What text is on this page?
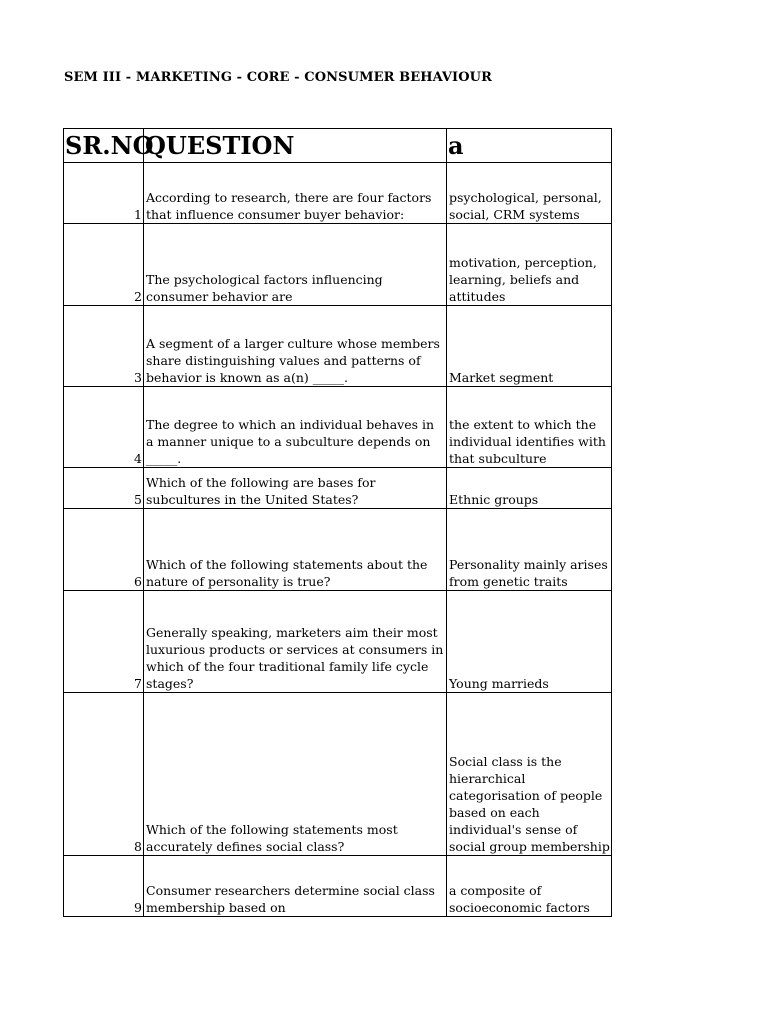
SEM III - MARKETING - CORE - CONSUMER BEHAVIOUR
SR.NO	QUESTION	a
1	According to research, there are four factors that influence consumer buyer behavior:	psychological, personal, social, CRM systems
2	The psychological factors influencing consumer behavior are	motivation, perception, learning, beliefs and attitudes
3	A segment of a larger culture whose members share distinguishing values and patterns of behavior is known as a(n) _____.	Market segment
4	The degree to which an individual behaves in a manner unique to a subculture depends on _____.	the extent to which the individual identifies with that subculture
5	Which of the following are bases for subcultures in the United States?	Ethnic groups
6	Which of the following statements about the nature of personality is true?	Personality mainly arises from genetic traits
7	Generally speaking, marketers aim their most luxurious products or services at consumers in which of the four traditional family life cycle stages?	Young marrieds
8	Which of the following statements most accurately defines social class?	Social class is the hierarchical categorisation of people based on each individual's sense of social group membership
9	Consumer researchers determine social class membership based on	a composite of socioeconomic factors
